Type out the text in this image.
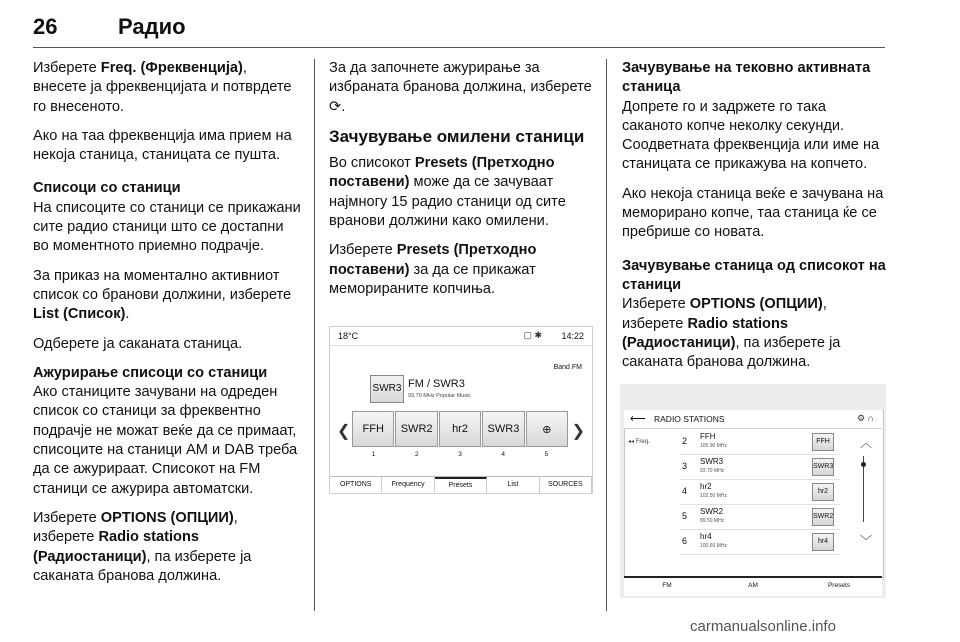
26	Радио

Изберете Freq. (Фреквенција), внесете ја фреквенцијата и потврдете го внесеното.

Ако на таа фреквенција има прием на некоја станица, станицата се пушта.

Списоци со станици

На списоците со станици се прикажани сите радио станици што се достапни во моментното приемно подрачје.

За приказ на моментално активниот список со бранови должини, изберете List (Список).

Одберете ја саканата станица.

Ажурирање списоци со станици

Ако станиците зачувани на одреден список со станици за фреквентно подрачје не можат веќе да се примаат, списоците на станици AM и DAB треба да се ажурираат. Списокот на FM станици се ажурира автоматски.

Изберете OPTIONS (ОПЦИИ), изберете Radio stations (Радиостаници), па изберете ја саканата бранова должина.

За да започнете ажурирање за избраната бранова должина, изберете ⟳.

Зачувување омилени станици

Во списокот Presets (Претходно поставени) може да се зачуваат најмногу 15 радио станици од сите вранови должини како омилени.

Изберете Presets (Претходно поставени) за да се прикажат меморираните копчиња.

Зачувување на тековно активната станица

Допрете го и задржете го така саканото копче неколку секунди. Соодветната фреквенција или име на станицата се прикажува на копчето.

Ако некоја станица веќе е зачувана на меморирано копче, таа станица ќе се пребрише со новата.

Зачувување станица од списокот на станици

Изберете OPTIONS (ОПЦИИ), изберете Radio stations (Радиостаници), па изберете ја саканата бранова должина.

18°C	▢ ✱ 14:22
Band FM
SWR3 FM / SWR3
93.70 MHz Popular Music
❮	FFH	SWR2	hr2	SWR3	⊕	❯
1	2	3	4	5
OPTIONS	Frequency	Presets	List	SOURCES
⟵ RADIO STATIONS	⚙ ∩
◂◂ Freq.	2 FFH
105.90 MHz
FFH
3 SWR3
93.70 MHz
SWR3
4 hr2
102.50 MHz
hr2
5 SWR2
89.50 MHz
SWR2
6 hr4
100.60 MHz
hr4
︿
﹀
FM	AM	Presets
carmanualsonline.info
